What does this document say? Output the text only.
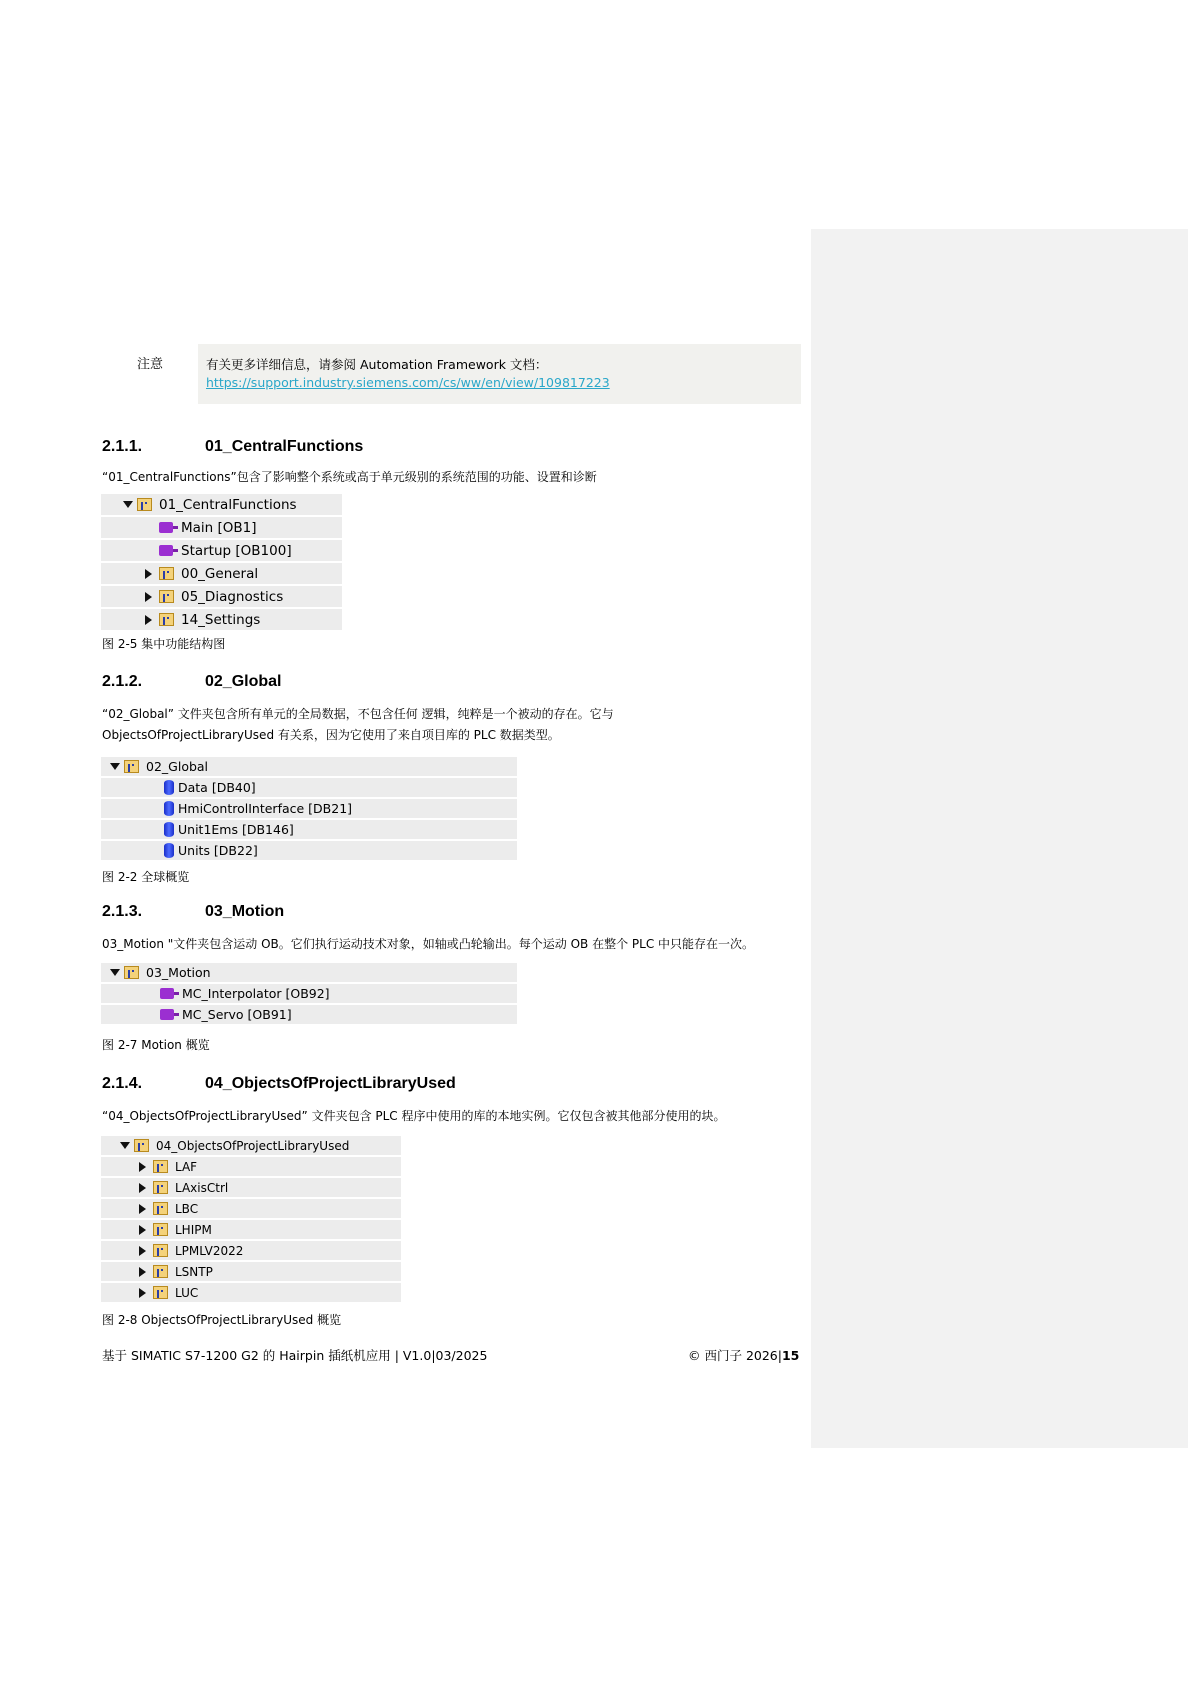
注意	有关更多详细信息，请参阅 Automation Framework 文档：
https://support.industry.siemens.com/cs/ww/en/view/109817223
2.1.1.	01_CentralFunctions
“01_CentralFunctions”包含了影响整个系统或高于单元级别的系统范围的功能、设置和诊断
01_CentralFunctions
Main [OB1]
Startup [OB100]
00_General
05_Diagnostics
14_Settings
图 2-5 集中功能结构图
2.1.2.	02_Global
“02_Global” 文件夹包含所有单元的全局数据，不包含任何 逻辑，纯粹是一个被动的存在。它与
ObjectsOfProjectLibraryUsed 有关系，因为它使用了来自项目库的 PLC 数据类型。
02_Global
Data [DB40]
HmiControlInterface [DB21]
Unit1Ems [DB146]
Units [DB22]
图 2-2 全球概览
2.1.3.	03_Motion
03_Motion "文件夹包含运动 OB。它们执行运动技术对象，如轴或凸轮输出。每个运动 OB 在整个 PLC 中只能存在一次。
03_Motion
MC_Interpolator [OB92]
MC_Servo [OB91]
图 2-7 Motion 概览
2.1.4.	04_ObjectsOfProjectLibraryUsed
“04_ObjectsOfProjectLibraryUsed” 文件夹包含 PLC 程序中使用的库的本地实例。它仅包含被其他部分使用的块。
04_ObjectsOfProjectLibraryUsed
LAF
LAxisCtrl
LBC
LHIPM
LPMLV2022
LSNTP
LUC
图 2-8 ObjectsOfProjectLibraryUsed 概览
基于 SIMATIC S7-1200 G2 的 Hairpin 插纸机应用 | V1.0|03/2025	© 西门子 2026|15
